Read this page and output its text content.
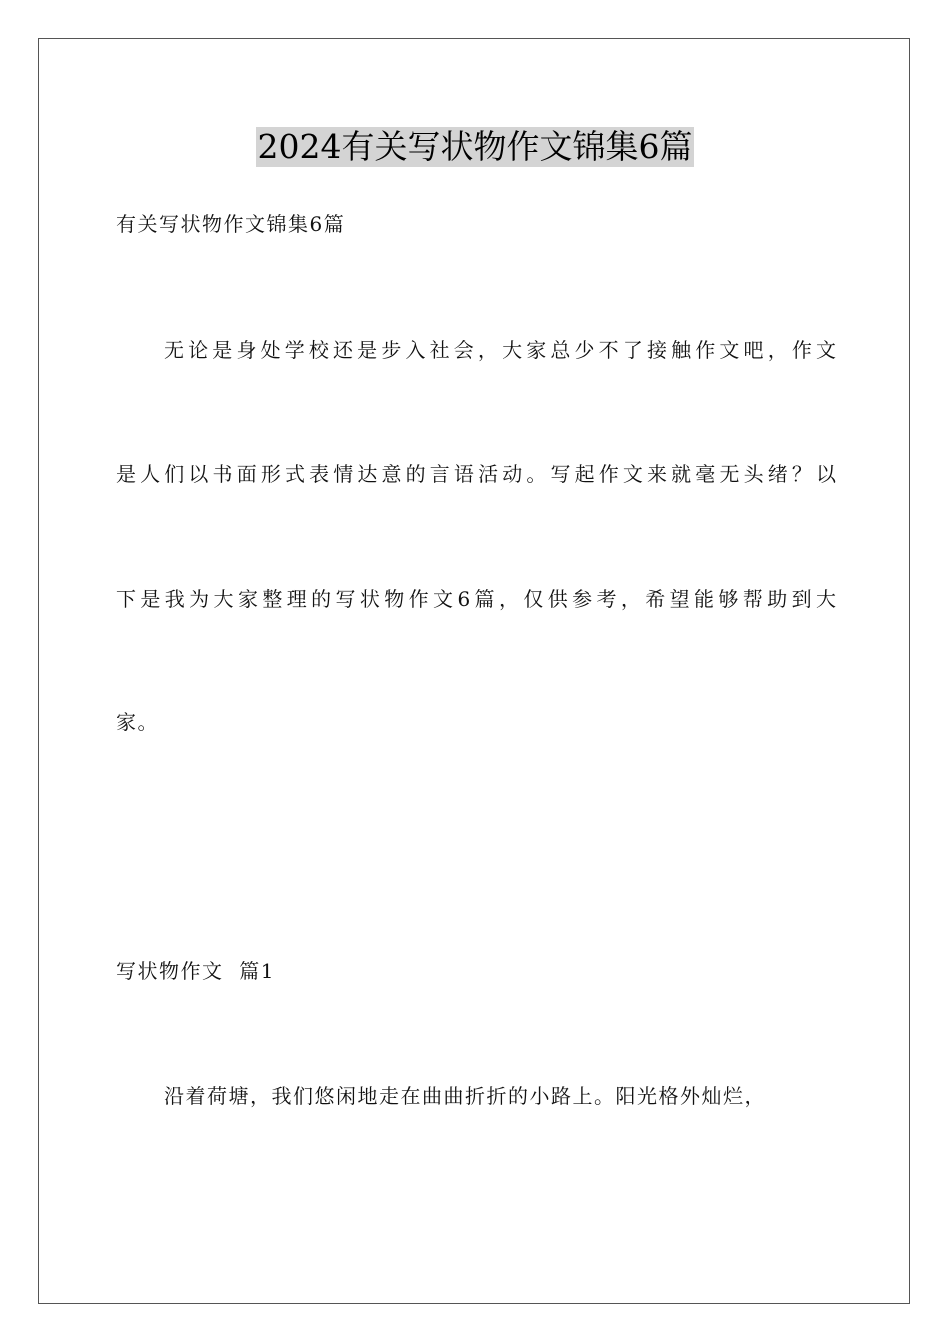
2024有关写状物作文锦集6篇
有关写状物作文锦集6篇
无论是身处学校还是步入社会，大家总少不了接触作文吧，作文
是人们以书面形式表情达意的言语活动。写起作文来就毫无头绪？以
下是我为大家整理的写状物作文6篇，仅供参考，希望能够帮助到大
家。
写状物作文  篇1
沿着荷塘，我们悠闲地走在曲曲折折的小路上。阳光格外灿烂，
